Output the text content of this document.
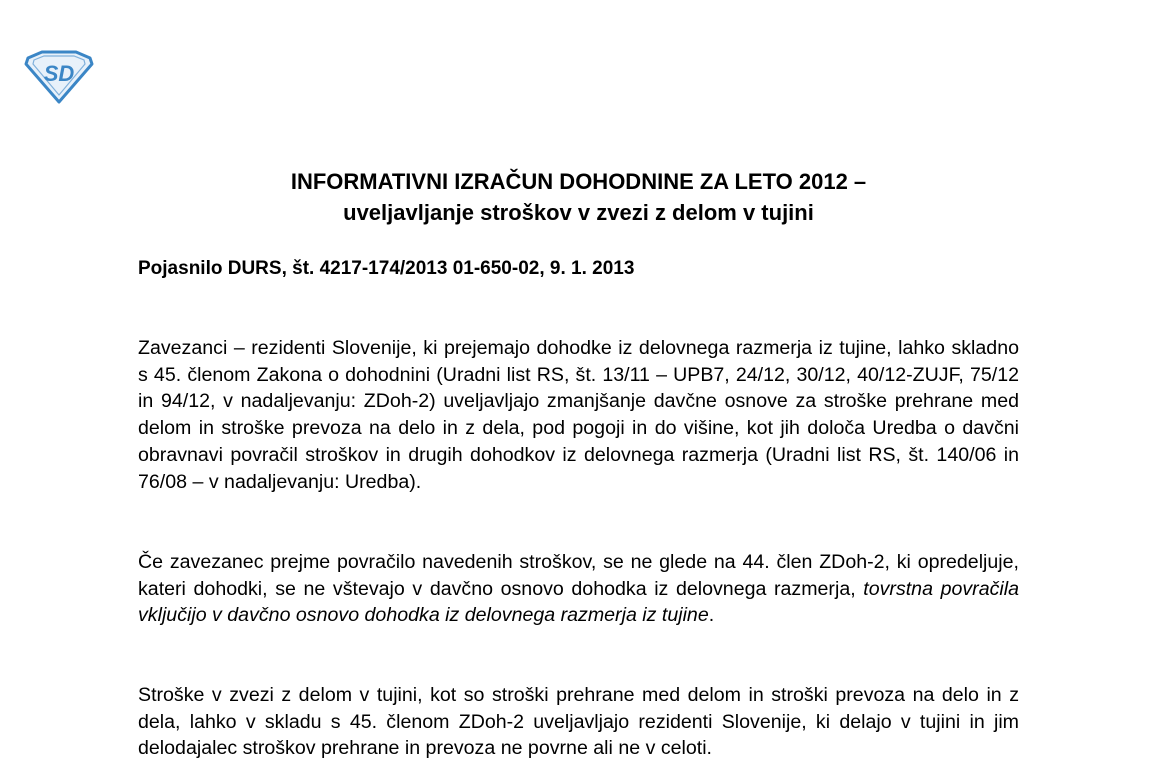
SD
INFORMATIVNI IZRAČUN DOHODNINE ZA LETO 2012 –
uveljavljanje stroškov v zvezi z delom v tujini
Pojasnilo DURS, št. 4217-174/2013 01-650-02, 9. 1. 2013

Zavezanci – rezidenti Slovenije, ki prejemajo dohodke iz delovnega razmerja iz tujine, lahko skladno s 45. členom Zakona o dohodnini (Uradni list RS, št. 13/11 – UPB7, 24/12, 30/12, 40/12-ZUJF, 75/12 in 94/12, v nadaljevanju: ZDoh-2) uveljavljajo zmanjšanje davčne osnove za stroške prehrane med delom in stroške prevoza na delo in z dela, pod pogoji in do višine, kot jih določa Uredba o davčni obravnavi povračil stroškov in drugih dohodkov iz delovnega razmerja (Uradni list RS, št. 140/06 in 76/08 – v nadaljevanju: Uredba).

Če zavezanec prejme povračilo navedenih stroškov, se ne glede na 44. člen ZDoh-2, ki opredeljuje, kateri dohodki, se ne vštevajo v davčno osnovo dohodka iz delovnega razmerja, tovrstna povračila vključijo v davčno osnovo dohodka iz delovnega razmerja iz tujine.

Stroške v zvezi z delom v tujini, kot so stroški prehrane med delom in stroški prevoza na delo in z dela, lahko v skladu s 45. členom ZDoh-2 uveljavljajo rezidenti Slovenije, ki delajo v tujini in jim delodajalec stroškov prehrane in prevoza ne povrne ali ne v celoti.
